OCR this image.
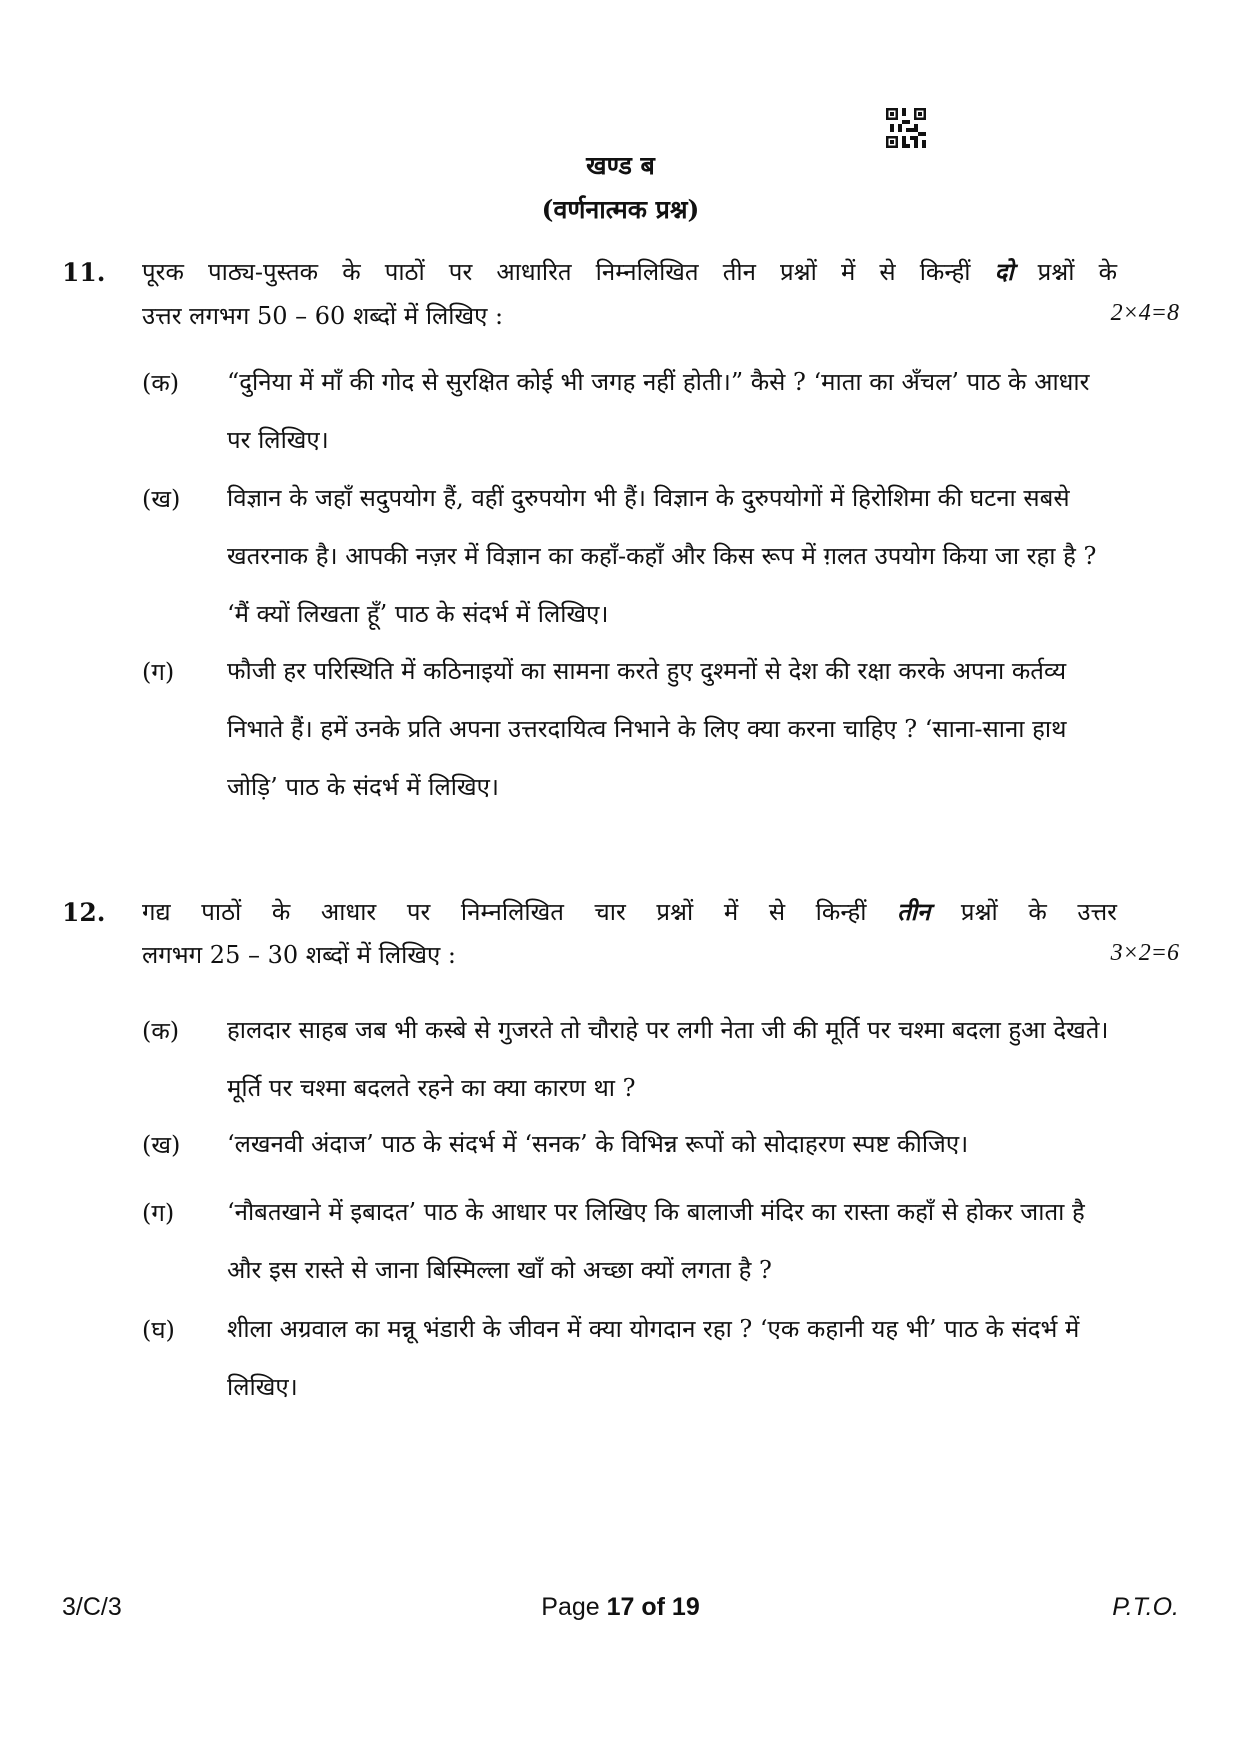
खण्ड ब
(वर्णनात्मक प्रश्न)
11. पूरक पाठ्य-पुस्तक के पाठों पर आधारित निम्नलिखित तीन प्रश्नों में से किन्हीं दो प्रश्नों के
उत्तर लगभग 50 – 60 शब्दों में लिखिए :	2×4=8
(क) “दुनिया में माँ की गोद से सुरक्षित कोई भी जगह नहीं होती।” कैसे ? ‘माता का अँचल’ पाठ के आधार पर लिखिए।
(ख) विज्ञान के जहाँ सदुपयोग हैं, वहीं दुरुपयोग भी हैं। विज्ञान के दुरुपयोगों में हिरोशिमा की घटना सबसे खतरनाक है। आपकी नज़र में विज्ञान का कहाँ-कहाँ और किस रूप में ग़लत उपयोग किया जा रहा है ? ‘मैं क्यों लिखता हूँ’ पाठ के संदर्भ में लिखिए।
(ग) फौजी हर परिस्थिति में कठिनाइयों का सामना करते हुए दुश्मनों से देश की रक्षा करके अपना कर्तव्य निभाते हैं। हमें उनके प्रति अपना उत्तरदायित्व निभाने के लिए क्या करना चाहिए ? ‘साना-साना हाथ जोड़ि’ पाठ के संदर्भ में लिखिए।
12. गद्य पाठों के आधार पर निम्नलिखित चार प्रश्नों में से किन्हीं तीन प्रश्नों के उत्तर
लगभग 25 – 30 शब्दों में लिखिए :	3×2=6
(क) हालदार साहब जब भी कस्बे से गुजरते तो चौराहे पर लगी नेता जी की मूर्ति पर चश्मा बदला हुआ देखते। मूर्ति पर चश्मा बदलते रहने का क्या कारण था ?
(ख) ‘लखनवी अंदाज’ पाठ के संदर्भ में ‘सनक’ के विभिन्न रूपों को सोदाहरण स्पष्ट कीजिए।
(ग) ‘नौबतखाने में इबादत’ पाठ के आधार पर लिखिए कि बालाजी मंदिर का रास्ता कहाँ से होकर जाता है और इस रास्ते से जाना बिस्मिल्ला खाँ को अच्छा क्यों लगता है ?
(घ) शीला अग्रवाल का मन्नू भंडारी के जीवन में क्या योगदान रहा ? ‘एक कहानी यह भी’ पाठ के संदर्भ में लिखिए।
3/C/3	Page 17 of 19	P.T.O.
